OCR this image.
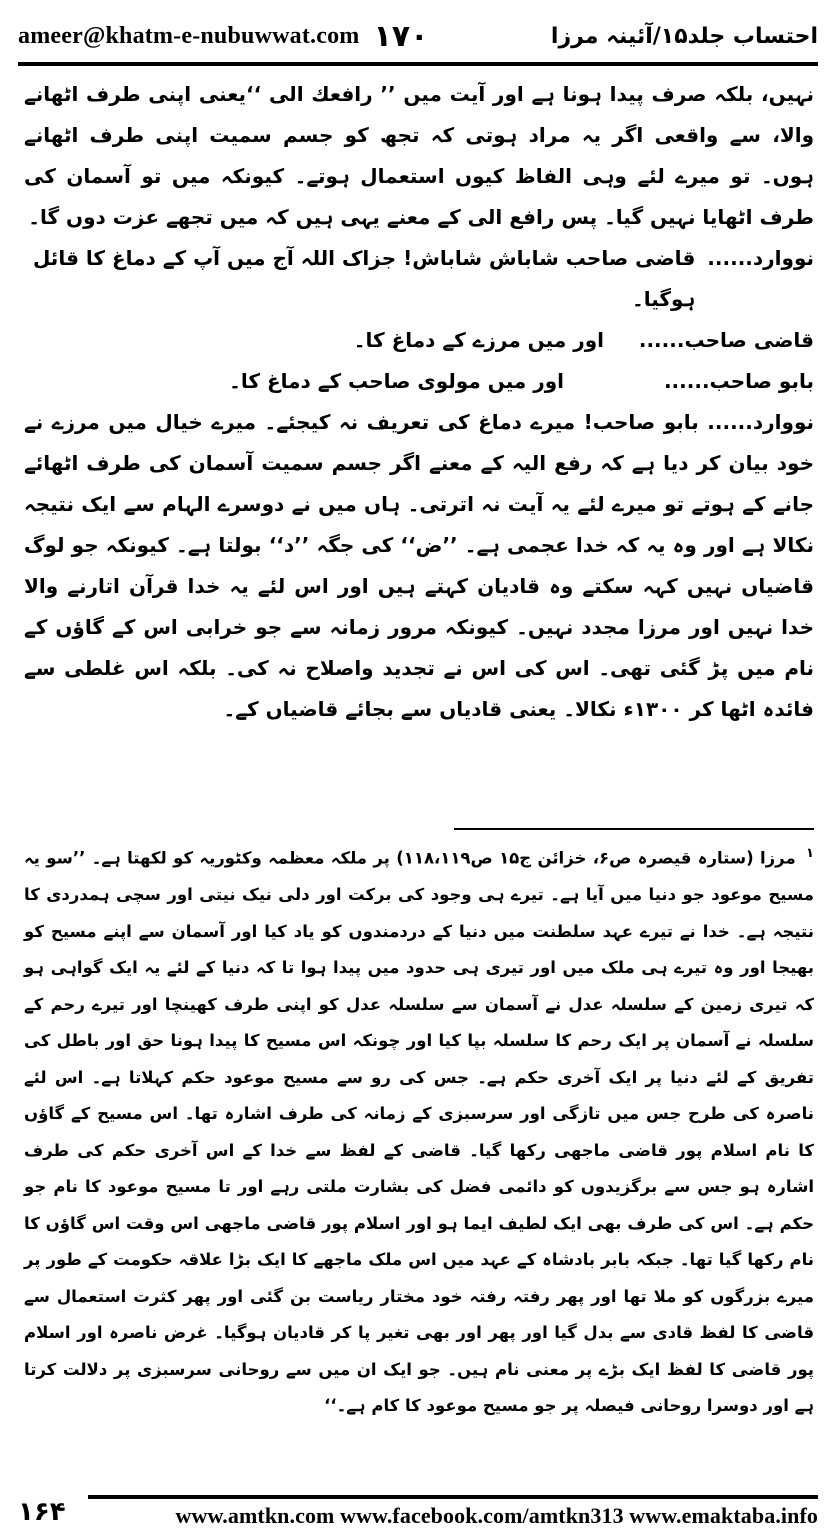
ameer@khatm-e-nubuwwat.com ۱۷۰	احتساب جلد۱۵/آئینہ مرزا

نہیں، بلکہ صرف پیدا ہونا ہے اور آیت میں ’’ رافعك الی ‘‘یعنی اپنی طرف اٹھانے والا، سے واقعی اگر یہ مراد ہوتی کہ تجھ کو جسم سمیت اپنی طرف اٹھانے ہوں۔ تو میرے لئے وہی الفاظ کیوں استعمال ہوتے۔ کیونکہ میں تو آسمان کی طرف اٹھایا نہیں گیا۔ پس رافع الی کے معنے یہی ہیں کہ میں تجھے عزت دوں گا۔

نووارد......
قاضی صاحب شاباش شاباش! جزاک اللہ آج میں آپ کے دماغ کا قائل ہوگیا۔

قاضی صاحب......
اور میں مرزے کے دماغ کا۔

بابو صاحب......
اور میں مولوی صاحب کے دماغ کا۔

نووارد...... بابو صاحب! میرے دماغ کی تعریف نہ کیجئے۔ میرے خیال میں مرزے نے خود بیان کر دیا ہے کہ رفع الیہ کے معنے اگر جسم سمیت آسمان کی طرف اٹھائے جانے کے ہوتے تو میرے لئے یہ آیت نہ اترتی۔ ہاں میں نے دوسرے الہام سے ایک نتیجہ نکالا ہے اور وہ یہ کہ خدا عجمی ہے۔ ’’ض‘‘ کی جگہ ’’د‘‘ بولتا ہے۔ کیونکہ جو لوگ قاضیاں نہیں کہہ سکتے وہ قادیان کہتے ہیں اور اس لئے یہ خدا قرآن اتارنے والا خدا نہیں اور مرزا مجدد نہیں۔ کیونکہ مرور زمانہ سے جو خرابی اس کے گاؤں کے نام میں پڑ گئی تھی۔ اس کی اس نے تجدید واصلاح نہ کی۔ بلکہ اس غلطی سے فائدہ اٹھا کر ۱۳۰۰ء نکالا۔ یعنی قادیاں سے بجائے قاضیاں کے۔

$^۱$ مرزا (ستارہ قیصرہ ص۶، خزائن ج۱۵ ص۱۱۸،۱۱۹) پر ملکہ معظمہ وکٹوریہ کو لکھتا ہے۔ ’’سو یہ مسیح موعود جو دنیا میں آیا ہے۔ تیرے ہی وجود کی برکت اور دلی نیک نیتی اور سچی ہمدردی کا نتیجہ ہے۔ خدا نے تیرے عہد سلطنت میں دنیا کے دردمندوں کو یاد کیا اور آسمان سے اپنے مسیح کو بھیجا اور وہ تیرے ہی ملک میں اور تیری ہی حدود میں پیدا ہوا تا کہ دنیا کے لئے یہ ایک گواہی ہو کہ تیری زمین کے سلسلہ عدل نے آسمان سے سلسلہ عدل کو اپنی طرف کھینچا اور تیرے رحم کے سلسلہ نے آسمان پر ایک رحم کا سلسلہ بپا کیا اور چونکہ اس مسیح کا پیدا ہونا حق اور باطل کی تفریق کے لئے دنیا پر ایک آخری حکم ہے۔ جس کی رو سے مسیح موعود حکم کہلاتا ہے۔ اس لئے ناصرہ کی طرح جس میں تازگی اور سرسبزی کے زمانہ کی طرف اشارہ تھا۔ اس مسیح کے گاؤں کا نام اسلام پور قاضی ماجھی رکھا گیا۔ قاضی کے لفظ سے خدا کے اس آخری حکم کی طرف اشارہ ہو جس سے برگزیدوں کو دائمی فضل کی بشارت ملتی رہے اور تا مسیح موعود کا نام جو حکم ہے۔ اس کی طرف بھی ایک لطیف ایما ہو اور اسلام پور قاضی ماجھی اس وقت اس گاؤں کا نام رکھا گیا تھا۔ جبکہ بابر بادشاہ کے عہد میں اس ملک ماجھے کا ایک بڑا علاقہ حکومت کے طور پر میرے بزرگوں کو ملا تھا اور پھر رفتہ رفتہ خود مختار ریاست بن گئی اور پھر کثرت استعمال سے قاضی کا لفظ قادی سے بدل گیا اور پھر اور بھی تغیر پا کر قادیان ہوگیا۔ غرض ناصرہ اور اسلام پور قاضی کا لفظ ایک بڑے پر معنی نام ہیں۔ جو ایک ان میں سے روحانی سرسبزی پر دلالت کرتا ہے اور دوسرا روحانی فیصلہ پر جو مسیح موعود کا کام ہے۔‘‘
۱۶۴	www.amtkn.com www.facebook.com/amtkn313 www.emaktaba.info
